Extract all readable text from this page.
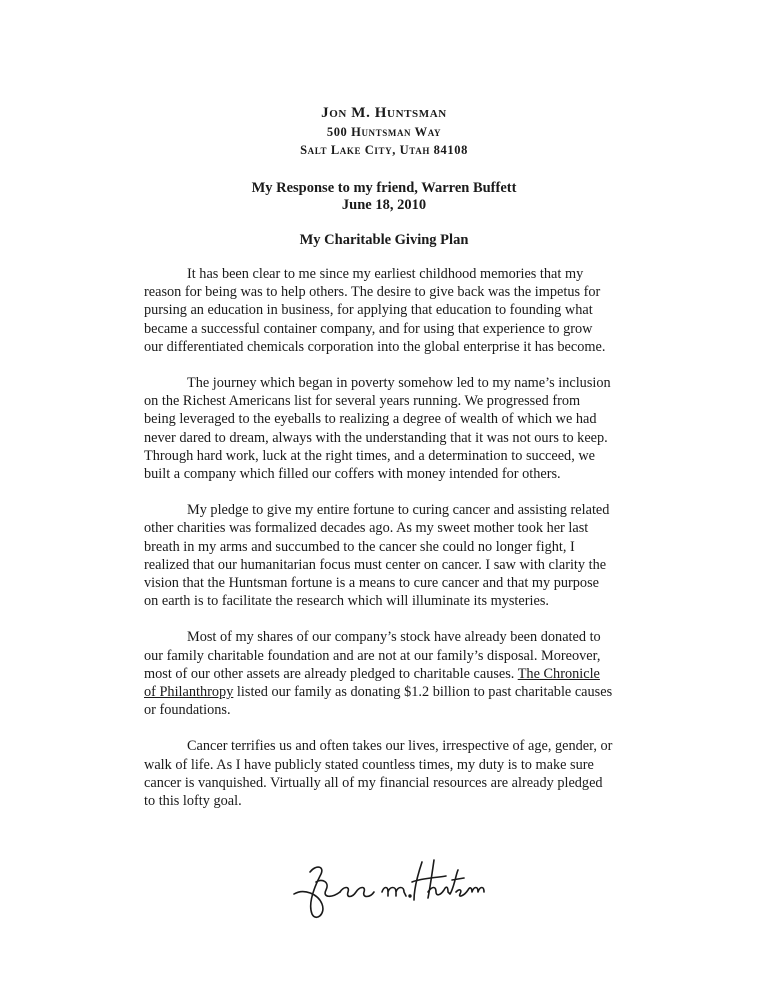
Jon M. Huntsman
500 Huntsman Way
Salt Lake City, Utah 84108
My Response to my friend, Warren Buffett
June 18, 2010
My Charitable Giving Plan

It has been clear to me since my earliest childhood memories that my reason for being was to help others. The desire to give back was the impetus for pursing an education in business, for applying that education to founding what became a successful container company, and for using that experience to grow our differentiated chemicals corporation into the global enterprise it has become.

The journey which began in poverty somehow led to my name’s inclusion on the Richest Americans list for several years running. We progressed from being leveraged to the eyeballs to realizing a degree of wealth of which we had never dared to dream, always with the understanding that it was not ours to keep. Through hard work, luck at the right times, and a determination to succeed, we built a company which filled our coffers with money intended for others.

My pledge to give my entire fortune to curing cancer and assisting related other charities was formalized decades ago. As my sweet mother took her last breath in my arms and succumbed to the cancer she could no longer fight, I realized that our humanitarian focus must center on cancer. I saw with clarity the vision that the Huntsman fortune is a means to cure cancer and that my purpose on earth is to facilitate the research which will illuminate its mysteries.

Most of my shares of our company’s stock have already been donated to our family charitable foundation and are not at our family’s disposal. Moreover, most of our other assets are already pledged to charitable causes. The Chronicle of Philanthropy listed our family as donating $1.2 billion to past charitable causes or foundations.

Cancer terrifies us and often takes our lives, irrespective of age, gender, or walk of life. As I have publicly stated countless times, my duty is to make sure cancer is vanquished. Virtually all of my financial resources are already pledged to this lofty goal.
